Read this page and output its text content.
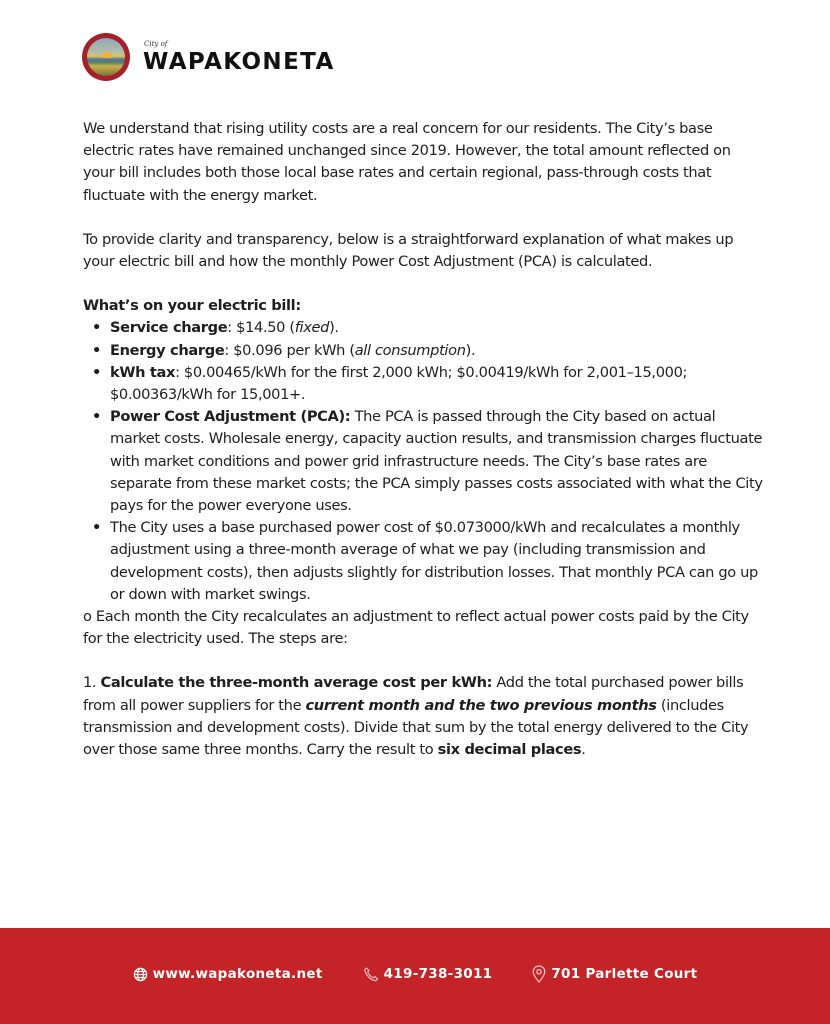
City of
WAPAKONETA

We understand that rising utility costs are a real concern for our residents. The City’s base electric rates have remained unchanged since 2019. However, the total amount reflected on your bill includes both those local base rates and certain regional, pass-through costs that fluctuate with the energy market.

To provide clarity and transparency, below is a straightforward explanation of what makes up your electric bill and how the monthly Power Cost Adjustment (PCA) is calculated.

What’s on your electric bill:

• Service charge: $14.50 (fixed).
• Energy charge: $0.096 per kWh (all consumption).
• kWh tax: $0.00465/kWh for the first 2,000 kWh; $0.00419/kWh for 2,001–15,000; $0.00363/kWh for 15,001+.
• Power Cost Adjustment (PCA): The PCA is passed through the City based on actual market costs. Wholesale energy, capacity auction results, and transmission charges fluctuate with market conditions and power grid infrastructure needs. The City’s base rates are separate from these market costs; the PCA simply passes costs associated with what the City pays for the power everyone uses.
• The City uses a base purchased power cost of $0.073000/kWh and recalculates a monthly adjustment using a three-month average of what we pay (including transmission and development costs), then adjusts slightly for distribution losses. That monthly PCA can go up or down with market swings.

o Each month the City recalculates an adjustment to reflect actual power costs paid by the City for the electricity used. The steps are:

1. Calculate the three-month average cost per kWh: Add the total purchased power bills from all power suppliers for the current month and the two previous months (includes transmission and development costs). Divide that sum by the total energy delivered to the City over those same three months. Carry the result to six decimal places.

www.wapakoneta.net	419-738-3011	701 Parlette Court
